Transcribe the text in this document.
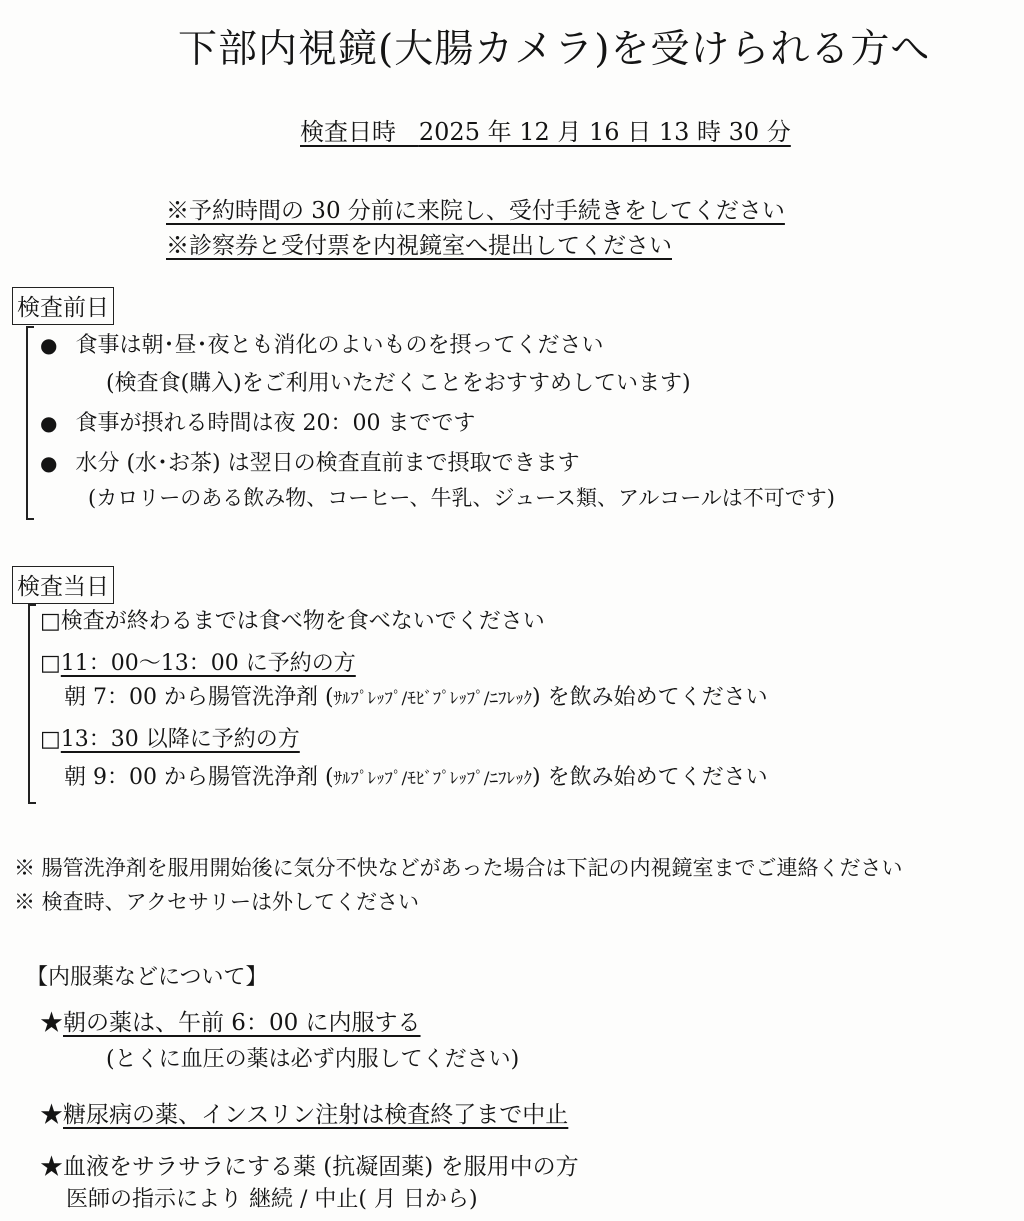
下部内視鏡(大腸カメラ)を受けられる方へ
検査日時 2025 年 12 月 16 日 13 時 30 分
※予約時間の 30 分前に来院し、受付手続きをしてください
※診察券と受付票を内視鏡室へ提出してください
検査前日
● 食事は朝･昼･夜とも消化のよいものを摂ってください
(検査食(購入)をご利用いただくことをおすすめしています)
● 食事が摂れる時間は夜 20：00 までです
● 水分 (水･お茶) は翌日の検査直前まで摂取できます
(カロリーのある飲み物、コーヒー、牛乳、ジュース類、アルコールは不可です)
検査当日
□検査が終わるまでは食べ物を食べないでください
□11：00～13：00 に予約の方
朝 7：00 から腸管洗浄剤 (ｻﾙﾌﾟﾚｯﾌﾟ/ﾓﾋﾞﾌﾟﾚｯﾌﾟ/ﾆﾌﾚｯｸ) を飲み始めてください
□13：30 以降に予約の方
朝 9：00 から腸管洗浄剤 (ｻﾙﾌﾟﾚｯﾌﾟ/ﾓﾋﾞﾌﾟﾚｯﾌﾟ/ﾆﾌﾚｯｸ) を飲み始めてください
※ 腸管洗浄剤を服用開始後に気分不快などがあった場合は下記の内視鏡室までご連絡ください
※ 検査時、アクセサリーは外してください
【内服薬などについて】
★朝の薬は、午前 6：00 に内服する
(とくに血圧の薬は必ず内服してください)
★糖尿病の薬、インスリン注射は検査終了まで中止
★血液をサラサラにする薬 (抗凝固薬) を服用中の方
医師の指示により 継続 / 中止( 月 日から)
